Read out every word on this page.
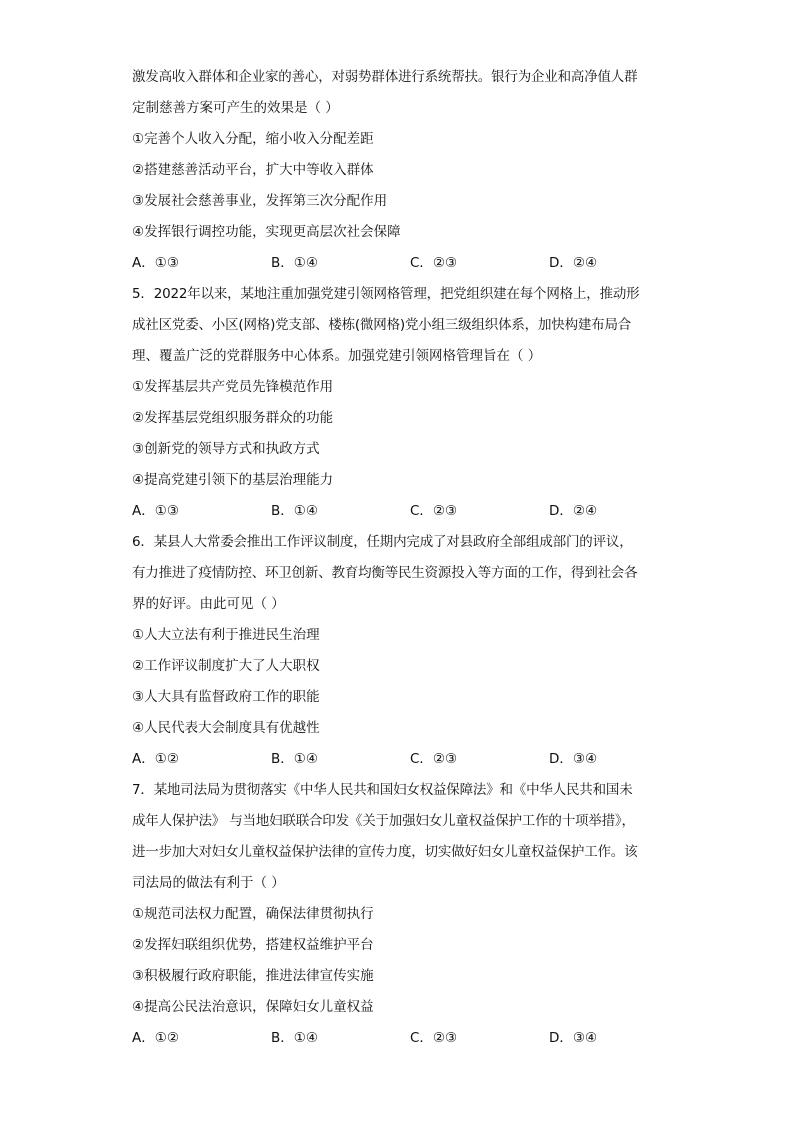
激发高收入群体和企业家的善心，对弱势群体进行系统帮扶。银行为企业和高净值人群
定制慈善方案可产生的效果是（ ）
①完善个人收入分配，缩小收入分配差距
②搭建慈善活动平台，扩大中等收入群体
③发展社会慈善事业，发挥第三次分配作用
④发挥银行调控功能，实现更高层次社会保障
A．①③	B．①④	C．②③	D．②④
5．2022年以来，某地注重加强党建引领网格管理，把党组织建在每个网格上，推动形
成社区党委、小区(网格)党支部、楼栋(微网格)党小组三级组织体系，加快构建布局合
理、覆盖广泛的党群服务中心体系。加强党建引领网格管理旨在（ ）
①发挥基层共产党员先锋模范作用
②发挥基层党组织服务群众的功能
③创新党的领导方式和执政方式
④提高党建引领下的基层治理能力
A．①③	B．①④	C．②③	D．②④
6．某县人大常委会推出工作评议制度，任期内完成了对县政府全部组成部门的评议，
有力推进了疫情防控、环卫创新、教育均衡等民生资源投入等方面的工作，得到社会各
界的好评。由此可见（ ）
①人大立法有利于推进民生治理
②工作评议制度扩大了人大职权
③人大具有监督政府工作的职能
④人民代表大会制度具有优越性
A．①②	B．①④	C．②③	D．③④
7．某地司法局为贯彻落实《中华人民共和国妇女权益保障法》和《中华人民共和国未
成年人保护法》 与当地妇联联合印发《关于加强妇女儿童权益保护工作的十项举措》，
进一步加大对妇女儿童权益保护法律的宣传力度，切实做好妇女儿童权益保护工作。该
司法局的做法有利于（ ）
①规范司法权力配置，确保法律贯彻执行
②发挥妇联组织优势，搭建权益维护平台
③积极履行政府职能，推进法律宣传实施
④提高公民法治意识，保障妇女儿童权益
A．①②	B．①④	C．②③	D．③④
